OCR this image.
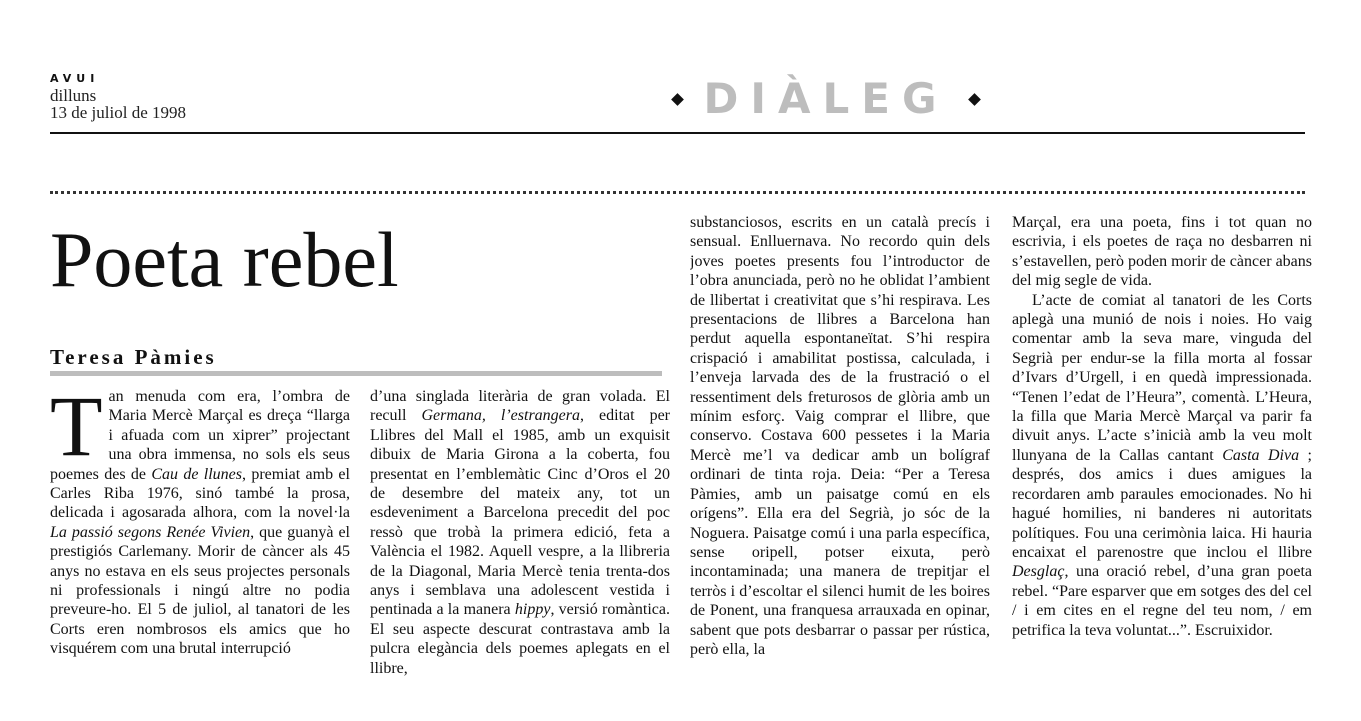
AVUI
dilluns
13 de juliol de 1998	DIÀLEG
Poeta rebel
Teresa Pàmies

Tan menuda com era, l’ombra de Maria Mercè Marçal es dreça “llarga i afuada com un xiprer” projectant una obra immensa, no sols els seus poemes des de Cau de llunes, premiat amb el Carles Riba 1976, sinó també la prosa, delicada i agosarada alhora, com la novel·la La passió segons Renée Vivien, que guanyà el prestigiós Carlemany. Morir de càncer als 45 anys no estava en els seus projectes personals ni professionals i ningú altre no podia preveure-ho. El 5 de juliol, al tanatori de les Corts eren nombrosos els amics que ho visquérem com una brutal interrupció

d’una singlada literària de gran volada. El recull Germana, l’estrangera, editat per Llibres del Mall el 1985, amb un exquisit dibuix de Maria Girona a la coberta, fou presentat en l’emblemàtic Cinc d’Oros el 20 de desembre del mateix any, tot un esdeveniment a Barcelona precedit del poc ressò que trobà la primera edició, feta a València el 1982. Aquell vespre, a la llibreria de la Diagonal, Maria Mercè tenia trenta-dos anys i semblava una adolescent vestida i pentinada a la manera hippy, versió romàntica. El seu aspecte descurat contrastava amb la pulcra elegància dels poemes aplegats en el llibre,

substanciosos, escrits en un català precís i sensual. Enlluernava. No recordo quin dels joves poetes presents fou l’introductor de l’obra anunciada, però no he oblidat l’ambient de llibertat i creativitat que s’hi respirava. Les presentacions de llibres a Barcelona han perdut aquella espontaneïtat. S’hi respira crispació i amabilitat postissa, calculada, i l’enveja larvada des de la frustració o el ressentiment dels freturosos de glòria amb un mínim esforç. Vaig comprar el llibre, que conservo. Costava 600 pessetes i la Maria Mercè me’l va dedicar amb un bolígraf ordinari de tinta roja. Deia: “Per a Teresa Pàmies, amb un paisatge comú en els orígens”. Ella era del Segrià, jo sóc de la Noguera. Paisatge comú i una parla específica, sense oripell, potser eixuta, però incontaminada; una manera de trepitjar el terròs i d’escoltar el silenci humit de les boires de Ponent, una franquesa arrauxada en opinar, sabent que pots desbarrar o passar per rústica, però ella, la

Marçal, era una poeta, fins i tot quan no escrivia, i els poetes de raça no desbarren ni s’estavellen, però poden morir de càncer abans del mig segle de vida.

L’acte de comiat al tanatori de les Corts aplegà una munió de nois i noies. Ho vaig comentar amb la seva mare, vinguda del Segrià per endur-se la filla morta al fossar d’Ivars d’Urgell, i en quedà impressionada. “Tenen l’edat de l’Heura”, comentà. L’Heura, la filla que Maria Mercè Marçal va parir fa divuit anys. L’acte s’inicià amb la veu molt llunyana de la Callas cantant Casta Diva ; després, dos amics i dues amigues la recordaren amb paraules emocionades. No hi hagué homilies, ni banderes ni autoritats polítiques. Fou una cerimònia laica. Hi hauria encaixat el parenostre que inclou el llibre Desglaç, una oració rebel, d’una gran poeta rebel. “Pare esparver que em sotges des del cel / i em cites en el regne del teu nom, / em petrifica la teva voluntat...”. Escruixidor.
